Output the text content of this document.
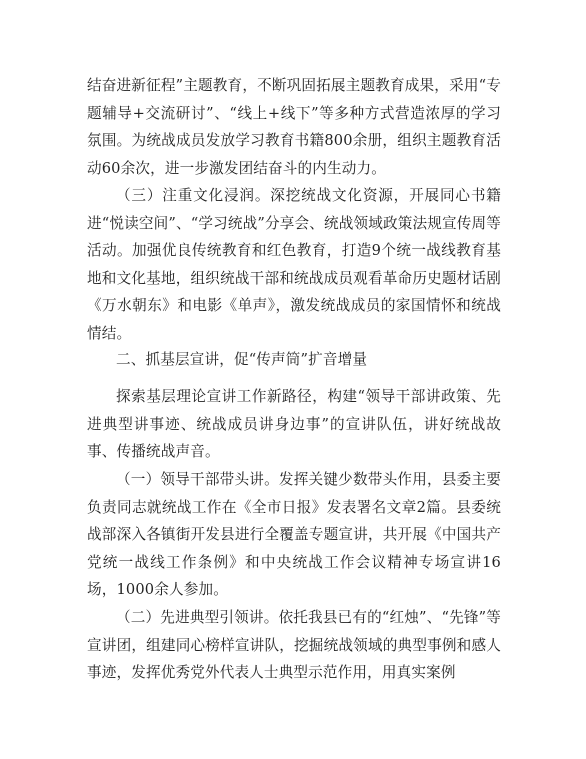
结奋进新征程”主题教育，不断巩固拓展主题教育成果，采用“专题辅导+交流研讨”、“线上+线下”等多种方式营造浓厚的学习氛围。为统战成员发放学习教育书籍800余册，组织主题教育活动60余次，进一步激发团结奋斗的内生动力。

（三）注重文化浸润。深挖统战文化资源，开展同心书籍进“悦读空间”、“学习统战”分享会、统战领域政策法规宣传周等活动。加强优良传统教育和红色教育，打造9个统一战线教育基地和文化基地，组织统战干部和统战成员观看革命历史题材话剧《万水朝东》和电影《单声》，激发统战成员的家国情怀和统战情结。

二、抓基层宣讲，促“传声筒”扩音增量

探索基层理论宣讲工作新路径，构建“领导干部讲政策、先进典型讲事迹、统战成员讲身边事”的宣讲队伍，讲好统战故事、传播统战声音。

（一）领导干部带头讲。发挥关键少数带头作用，县委主要负责同志就统战工作在《全市日报》发表署名文章2篇。县委统战部深入各镇街开发县进行全覆盖专题宣讲，共开展《中国共产党统一战线工作条例》和中央统战工作会议精神专场宣讲16场，1000余人参加。

（二）先进典型引领讲。依托我县已有的“红烛”、“先锋”等宣讲团，组建同心榜样宣讲队，挖掘统战领域的典型事例和感人事迹，发挥优秀党外代表人士典型示范作用，用真实案例
